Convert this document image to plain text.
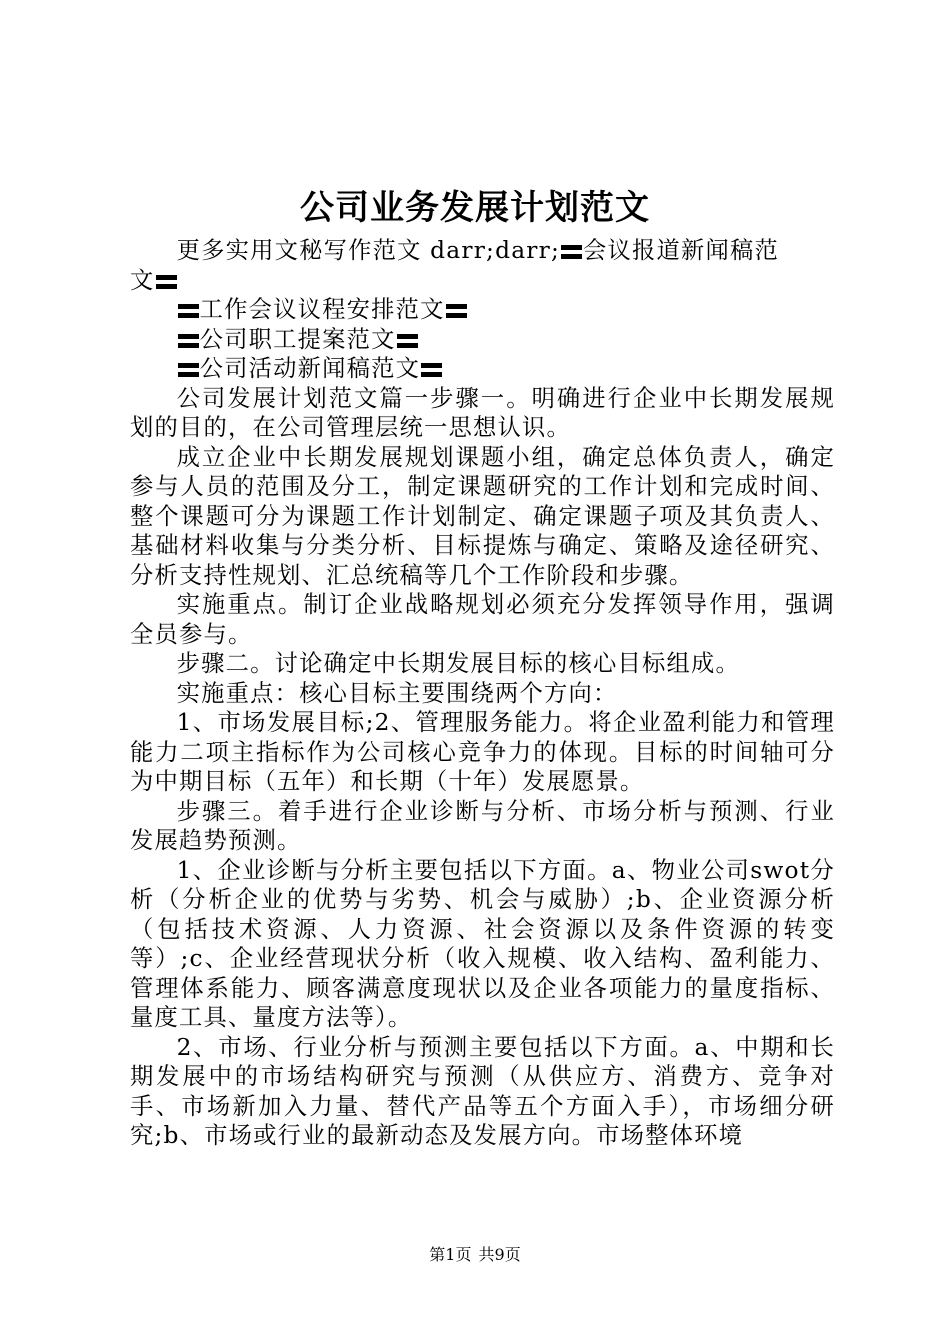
公司业务发展计划范文

更多实用文秘写作范文 darr;darr; 会议报道新闻稿范
文

工作会议议程安排范文

公司职工提案范文

公司活动新闻稿范文

公司发展计划范文篇一步骤一。明确进行企业中长期发展规划的目的，在公司管理层统一思想认识。

成立企业中长期发展规划课题小组，确定总体负责人，确定参与人员的范围及分工，制定课题研究的工作计划和完成时间、整个课题可分为课题工作计划制定、确定课题子项及其负责人、基础材料收集与分类分析、目标提炼与确定、策略及途径研究、分析支持性规划、汇总统稿等几个工作阶段和步骤。

实施重点。制订企业战略规划必须充分发挥领导作用，强调全员参与。

步骤二。讨论确定中长期发展目标的核心目标组成。

实施重点：核心目标主要围绕两个方向：

1、市场发展目标;2、管理服务能力。将企业盈利能力和管理能力二项主指标作为公司核心竞争力的体现。目标的时间轴可分为中期目标（五年）和长期（十年）发展愿景。

步骤三。着手进行企业诊断与分析、市场分析与预测、行业发展趋势预测。

1、企业诊断与分析主要包括以下方面。a、物业公司swot分析（分析企业的优势与劣势、机会与威胁）;b、企业资源分析（包括技术资源、人力资源、社会资源以及条件资源的转变等）;c、企业经营现状分析（收入规模、收入结构、盈利能力、管理体系能力、顾客满意度现状以及企业各项能力的量度指标、量度工具、量度方法等）。

2、市场、行业分析与预测主要包括以下方面。a、中期和长期发展中的市场结构研究与预测（从供应方、消费方、竞争对手、市场新加入力量、替代产品等五个方面入手），市场细分研究;b、市场或行业的最新动态及发展方向。市场整体环境

第1页 共9页
